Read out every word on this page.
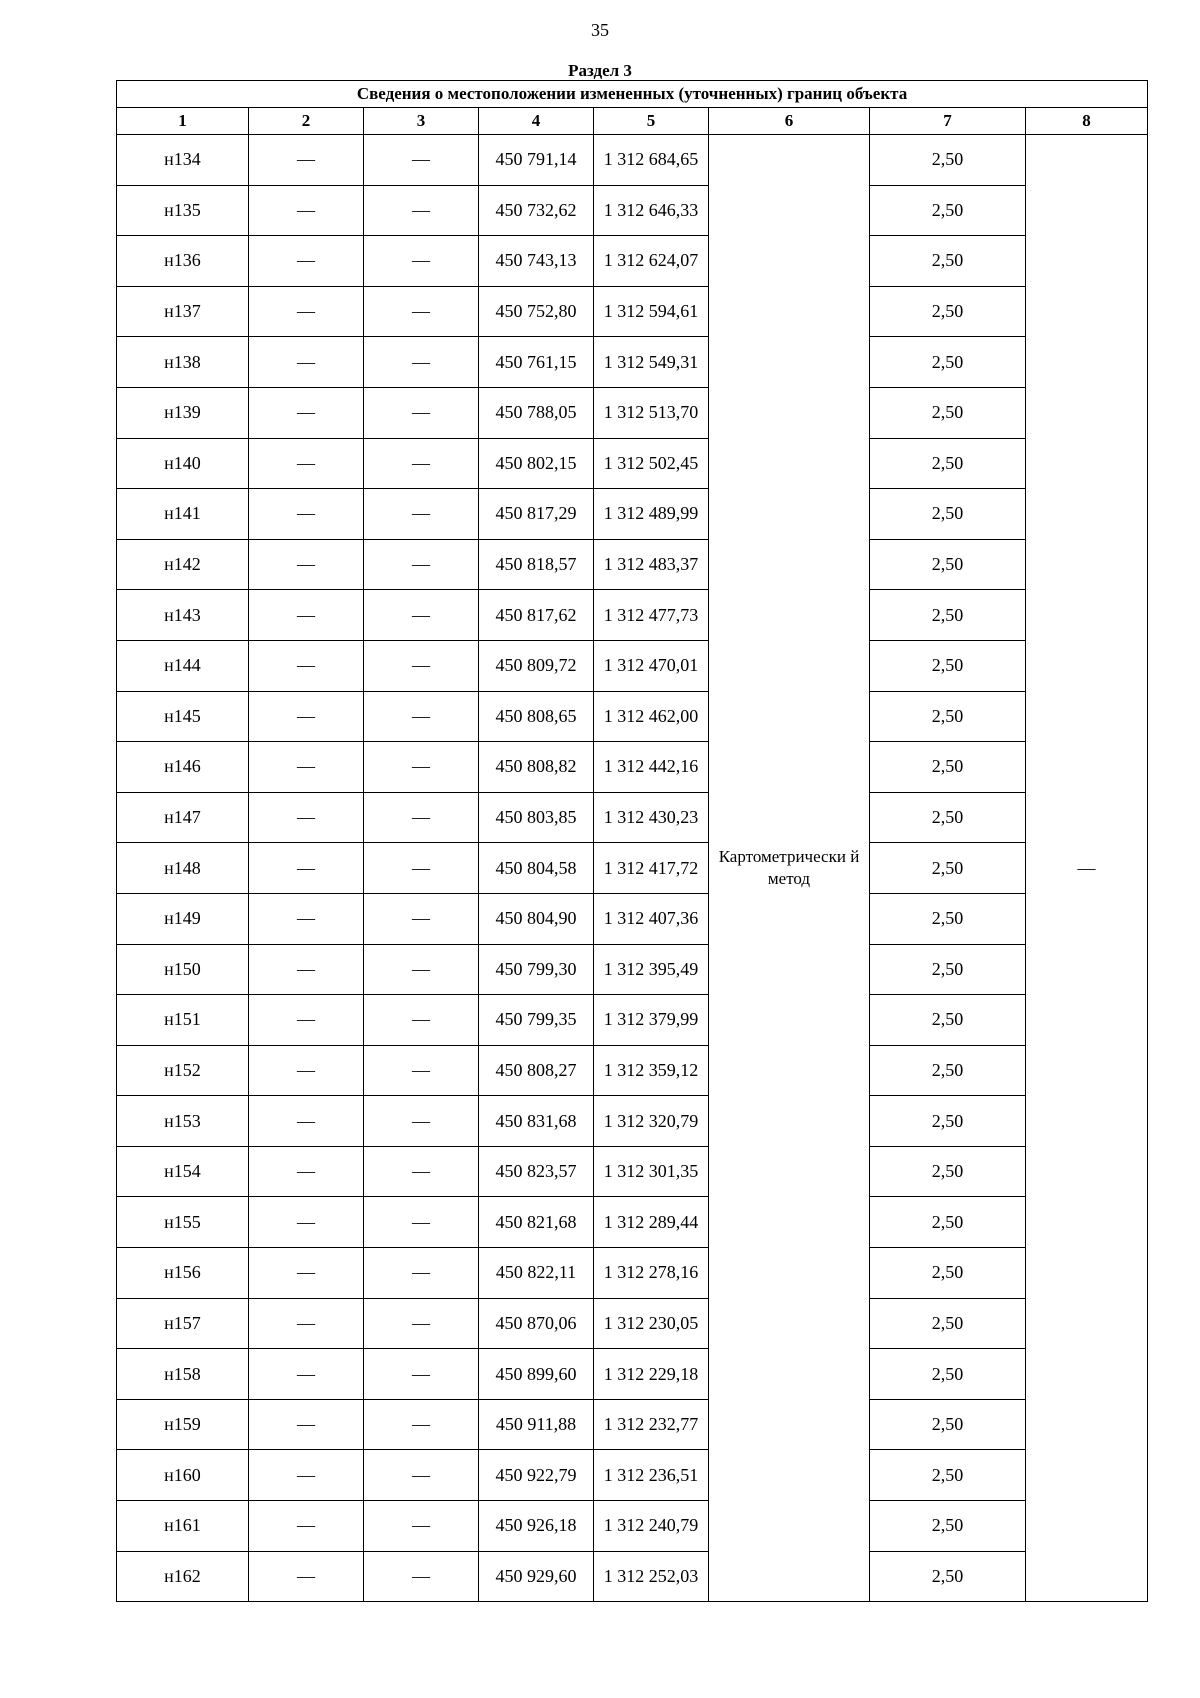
35
Раздел 3
Сведения о местоположении измененных (уточненных) границ объекта							
1	2	3	4	5	6	7	8
н134	—	—	450 791,14	1 312 684,65	Картометрически й метод	2,50	—
н135	—	—	450 732,62	1 312 646,33		2,50	
н136	—	—	450 743,13	1 312 624,07		2,50	
н137	—	—	450 752,80	1 312 594,61		2,50	
н138	—	—	450 761,15	1 312 549,31		2,50	
н139	—	—	450 788,05	1 312 513,70		2,50	
н140	—	—	450 802,15	1 312 502,45		2,50	
н141	—	—	450 817,29	1 312 489,99		2,50	
н142	—	—	450 818,57	1 312 483,37		2,50	
н143	—	—	450 817,62	1 312 477,73		2,50	
н144	—	—	450 809,72	1 312 470,01		2,50	
н145	—	—	450 808,65	1 312 462,00		2,50	
н146	—	—	450 808,82	1 312 442,16		2,50	
н147	—	—	450 803,85	1 312 430,23		2,50	
н148	—	—	450 804,58	1 312 417,72		2,50	
н149	—	—	450 804,90	1 312 407,36		2,50	
н150	—	—	450 799,30	1 312 395,49		2,50	
н151	—	—	450 799,35	1 312 379,99		2,50	
н152	—	—	450 808,27	1 312 359,12		2,50	
н153	—	—	450 831,68	1 312 320,79		2,50	
н154	—	—	450 823,57	1 312 301,35		2,50	
н155	—	—	450 821,68	1 312 289,44		2,50	
н156	—	—	450 822,11	1 312 278,16		2,50	
н157	—	—	450 870,06	1 312 230,05		2,50	
н158	—	—	450 899,60	1 312 229,18		2,50	
н159	—	—	450 911,88	1 312 232,77		2,50	
н160	—	—	450 922,79	1 312 236,51		2,50	
н161	—	—	450 926,18	1 312 240,79		2,50	
н162	—	—	450 929,60	1 312 252,03		2,50	
